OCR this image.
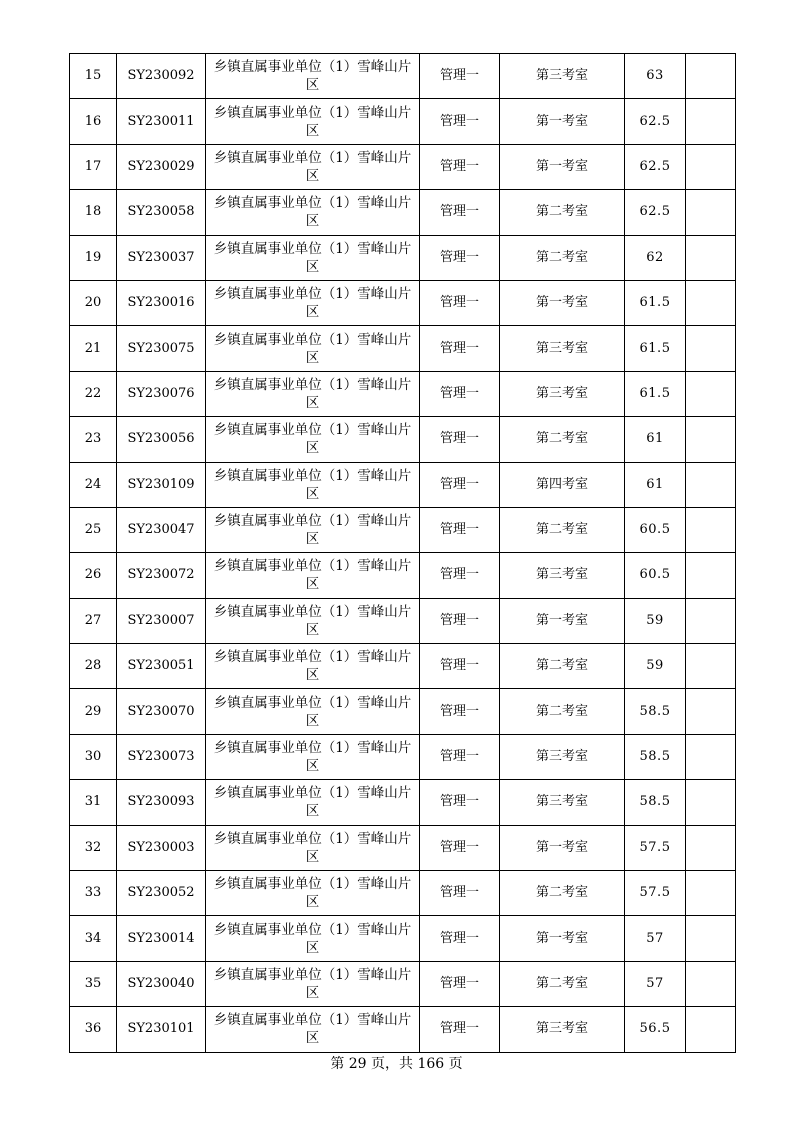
15	SY230092	乡镇直属事业单位（1）雪峰山片区	管理一	第三考室	63	
16	SY230011	乡镇直属事业单位（1）雪峰山片区	管理一	第一考室	62.5	
17	SY230029	乡镇直属事业单位（1）雪峰山片区	管理一	第一考室	62.5	
18	SY230058	乡镇直属事业单位（1）雪峰山片区	管理一	第二考室	62.5	
19	SY230037	乡镇直属事业单位（1）雪峰山片区	管理一	第二考室	62	
20	SY230016	乡镇直属事业单位（1）雪峰山片区	管理一	第一考室	61.5	
21	SY230075	乡镇直属事业单位（1）雪峰山片区	管理一	第三考室	61.5	
22	SY230076	乡镇直属事业单位（1）雪峰山片区	管理一	第三考室	61.5	
23	SY230056	乡镇直属事业单位（1）雪峰山片区	管理一	第二考室	61	
24	SY230109	乡镇直属事业单位（1）雪峰山片区	管理一	第四考室	61	
25	SY230047	乡镇直属事业单位（1）雪峰山片区	管理一	第二考室	60.5	
26	SY230072	乡镇直属事业单位（1）雪峰山片区	管理一	第三考室	60.5	
27	SY230007	乡镇直属事业单位（1）雪峰山片区	管理一	第一考室	59	
28	SY230051	乡镇直属事业单位（1）雪峰山片区	管理一	第二考室	59	
29	SY230070	乡镇直属事业单位（1）雪峰山片区	管理一	第二考室	58.5	
30	SY230073	乡镇直属事业单位（1）雪峰山片区	管理一	第三考室	58.5	
31	SY230093	乡镇直属事业单位（1）雪峰山片区	管理一	第三考室	58.5	
32	SY230003	乡镇直属事业单位（1）雪峰山片区	管理一	第一考室	57.5	
33	SY230052	乡镇直属事业单位（1）雪峰山片区	管理一	第二考室	57.5	
34	SY230014	乡镇直属事业单位（1）雪峰山片区	管理一	第一考室	57	
35	SY230040	乡镇直属事业单位（1）雪峰山片区	管理一	第二考室	57	
36	SY230101	乡镇直属事业单位（1）雪峰山片区	管理一	第三考室	56.5	
第 29 页，共 166 页
